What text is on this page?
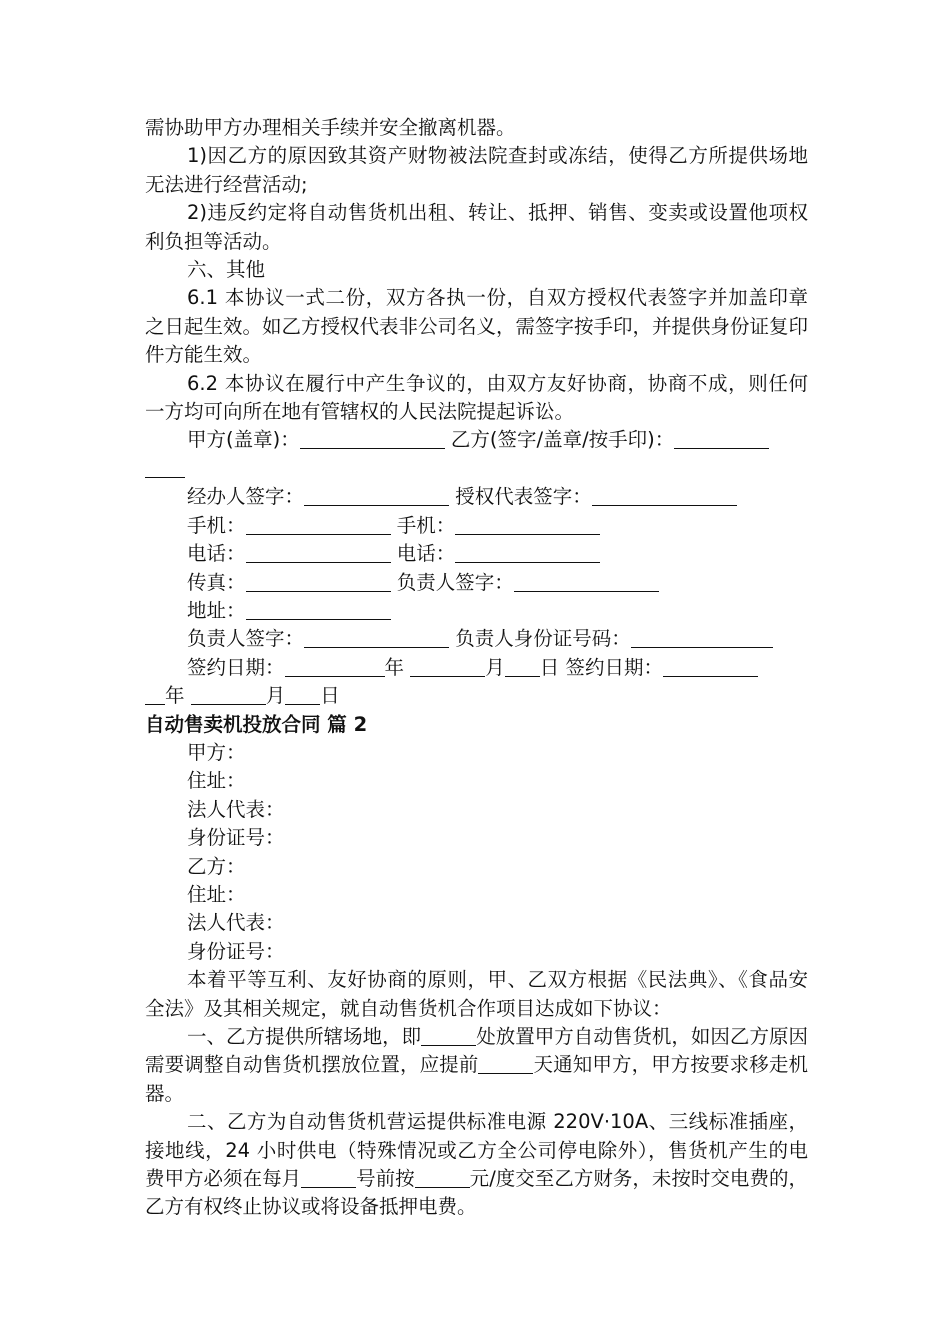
需协助甲方办理相关手续并安全撤离机器。

1)因乙方的原因致其资产财物被法院查封或冻结，使得乙方所提供场地无法进行经营活动;

2)违反约定将自动售货机出租、转让、抵押、销售、变卖或设置他项权利负担等活动。

六、其他

6.1 本协议一式二份，双方各执一份，自双方授权代表签字并加盖印章之日起生效。如乙方授权代表非公司名义，需签字按手印，并提供身份证复印件方能生效。

6.2 本协议在履行中产生争议的，由双方友好协商，协商不成，则任何一方均可向所在地有管辖权的人民法院提起诉讼。

甲方(盖章)：	乙方(签字/盖章/按手印)：
经办人签字：	授权代表签字：
手机：	手机：
电话：	电话：
传真：	负责人签字：
地址：
负责人签字：	负责人身份证号码：
签约日期：	年	月 日 签约日期：
年	月 日

自动售卖机投放合同 篇 2

甲方：

住址：

法人代表：

身份证号：

乙方：

住址：

法人代表：

身份证号：

本着平等互利、友好协商的原则，甲、乙双方根据《民法典》、《食品安全法》及其相关规定，就自动售货机合作项目达成如下协议：

一、乙方提供所辖场地，即	处放置甲方自动售货机，如因乙方原因需要调整自动售货机摆放位置，应提前	天通知甲方，甲方按要求移走机器。

二、乙方为自动售货机营运提供标准电源 220V·10A、三线标准插座，接地线，24 小时供电（特殊情况或乙方全公司停电除外），售货机产生的电费甲方必须在每月	号前按	元/度交至乙方财务，未按时交电费的，乙方有权终止协议或将设备抵押电费。
